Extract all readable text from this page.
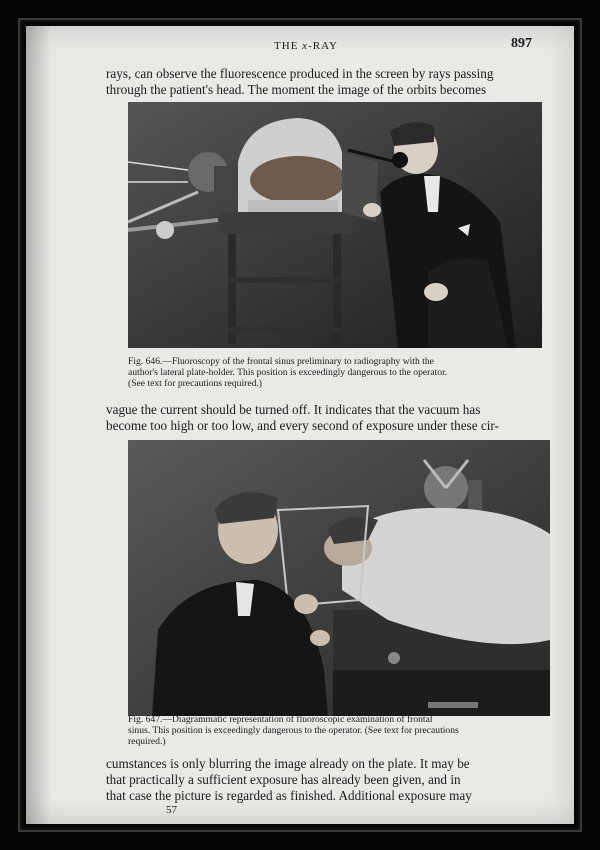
THE x-RAY	897
rays, can observe the fluorescence produced in the screen by rays passing
through the patient's head. The moment the image of the orbits becomes
Fig. 646.—Fluoroscopy of the frontal sinus preliminary to radiography with the
author's lateral plate-holder. This position is exceedingly dangerous to the operator.
(See text for precautions required.)
vague the current should be turned off. It indicates that the vacuum has
become too high or too low, and every second of exposure under these cir-
Fig. 647.—Diagrammatic representation of fluoroscopic examination of frontal
sinus. This position is exceedingly dangerous to the operator. (See text for precautions
required.)
cumstances is only blurring the image already on the plate. It may be
that practically a sufficient exposure has already been given, and in
that case the picture is regarded as finished. Additional exposure may
57
